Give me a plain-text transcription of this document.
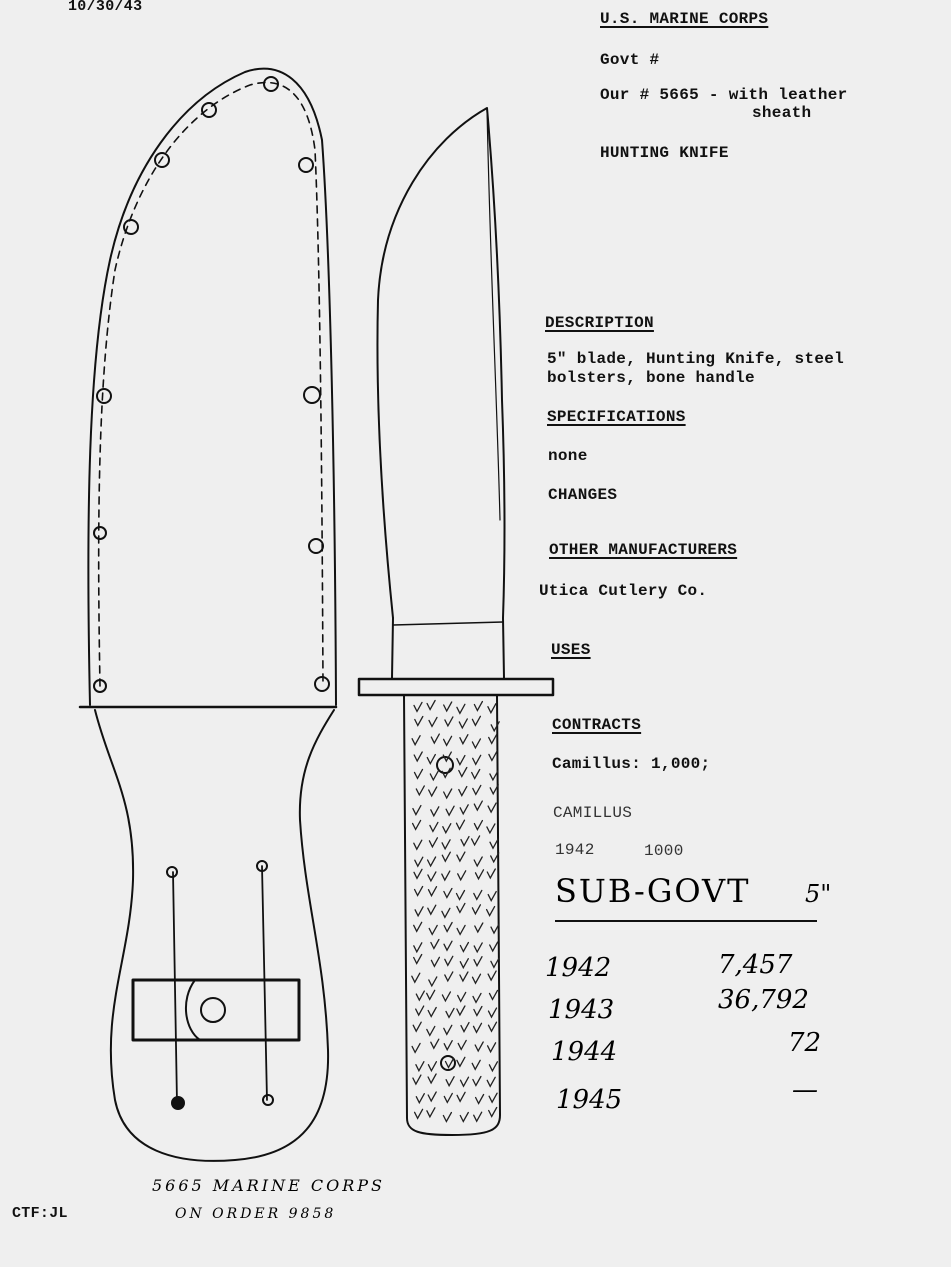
10/30/43
U.S. MARINE CORPS
Govt #
Our # 5665 - with leather
sheath
HUNTING KNIFE
DESCRIPTION
5" blade, Hunting Knife, steel
bolsters, bone handle
SPECIFICATIONS
none
CHANGES
OTHER MANUFACTURERS
Utica Cutlery Co.
USES
CONTRACTS
Camillus: 1,000;
CAMILLUS
1942	1000
SUB-GOVT 5"
1942	7,457
1943	36,792
1944	72
1945	—
5665 MARINE CORPS
ON ORDER 9858
CTF:JL
